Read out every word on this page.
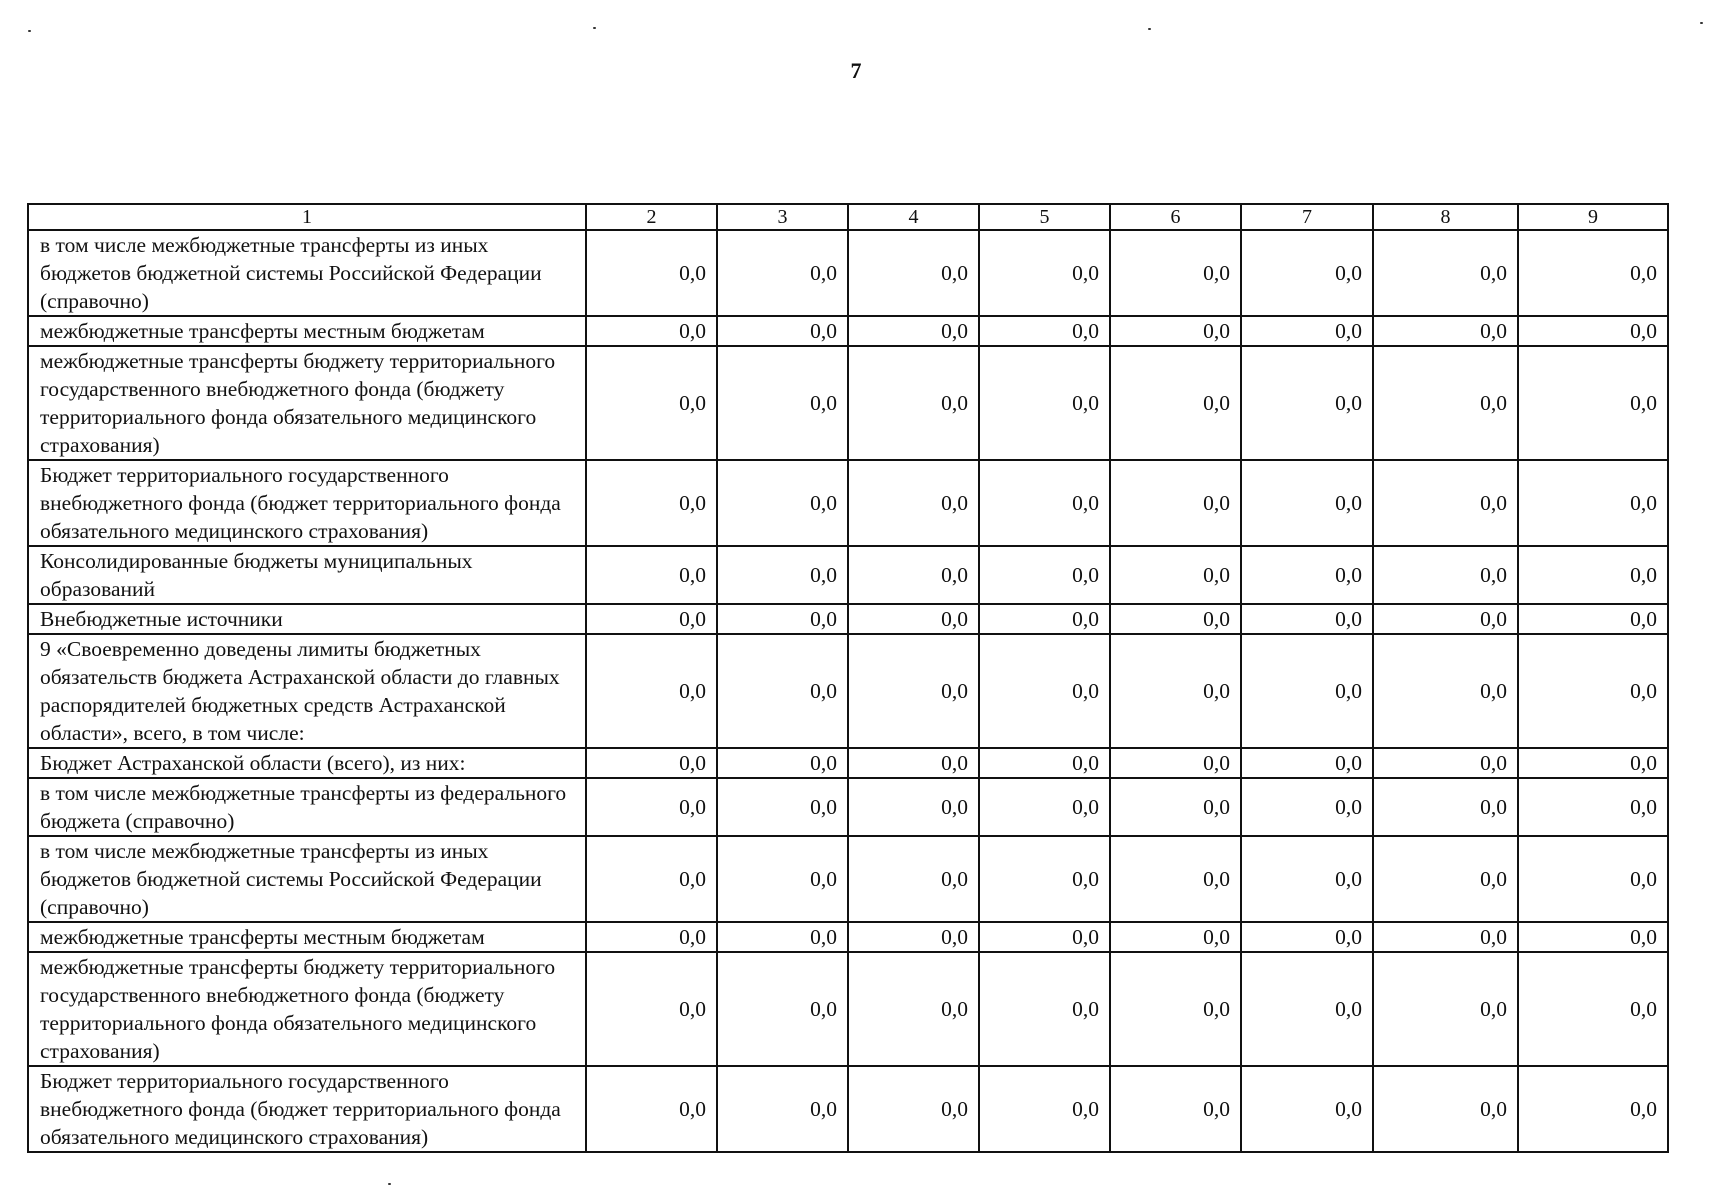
7
1	2	3	4	5	6	7	8	9
в том числе межбюджетные трансферты из иных бюджетов бюджетной системы Российской Федерации (справочно)	0,0	0,0	0,0	0,0	0,0	0,0	0,0	0,0
межбюджетные трансферты местным бюджетам	0,0	0,0	0,0	0,0	0,0	0,0	0,0	0,0
межбюджетные трансферты бюджету территориального государственного внебюджетного фонда (бюджету территориального фонда обязательного медицинского страхования)	0,0	0,0	0,0	0,0	0,0	0,0	0,0	0,0
Бюджет территориального государственного внебюджетного фонда (бюджет территориального фонда обязательного медицинского страхования)	0,0	0,0	0,0	0,0	0,0	0,0	0,0	0,0
Консолидированные бюджеты муниципальных образований	0,0	0,0	0,0	0,0	0,0	0,0	0,0	0,0
Внебюджетные источники	0,0	0,0	0,0	0,0	0,0	0,0	0,0	0,0
9 «Своевременно доведены лимиты бюджетных обязательств бюджета Астраханской области до главных распорядителей бюджетных средств Астраханской области», всего, в том числе:	0,0	0,0	0,0	0,0	0,0	0,0	0,0	0,0
Бюджет Астраханской области (всего), из них:	0,0	0,0	0,0	0,0	0,0	0,0	0,0	0,0
в том числе межбюджетные трансферты из федерального бюджета (справочно)	0,0	0,0	0,0	0,0	0,0	0,0	0,0	0,0
в том числе межбюджетные трансферты из иных бюджетов бюджетной системы Российской Федерации (справочно)	0,0	0,0	0,0	0,0	0,0	0,0	0,0	0,0
межбюджетные трансферты местным бюджетам	0,0	0,0	0,0	0,0	0,0	0,0	0,0	0,0
межбюджетные трансферты бюджету территориального государственного внебюджетного фонда (бюджету территориального фонда обязательного медицинского страхования)	0,0	0,0	0,0	0,0	0,0	0,0	0,0	0,0
Бюджет территориального государственного внебюджетного фонда (бюджет территориального фонда обязательного медицинского страхования)	0,0	0,0	0,0	0,0	0,0	0,0	0,0	0,0
